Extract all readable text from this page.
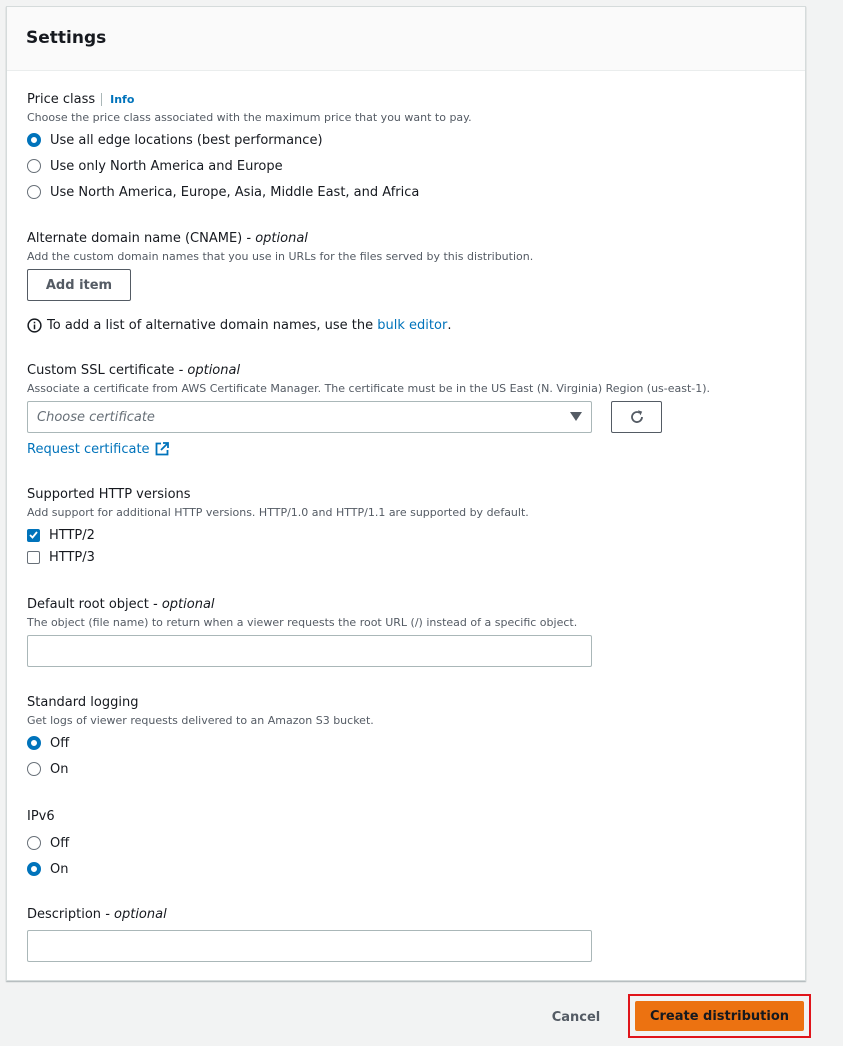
Settings
Price class Info
Choose the price class associated with the maximum price that you want to pay.
Use all edge locations (best performance)
Use only North America and Europe
Use North America, Europe, Asia, Middle East, and Africa
Alternate domain name (CNAME) - optional
Add the custom domain names that you use in URLs for the files served by this distribution.
Add item
To add a list of alternative domain names, use the
bulk editor .
Custom SSL certificate - optional
Associate a certificate from AWS Certificate Manager. The certificate must be in the US East (N. Virginia) Region (us-east-1).
Choose certificate
Request certificate
Supported HTTP versions
Add support for additional HTTP versions. HTTP/1.0 and HTTP/1.1 are supported by default.
HTTP/2
HTTP/3
Default root object - optional
The object (file name) to return when a viewer requests the root URL (/) instead of a specific object.
Standard logging
Get logs of viewer requests delivered to an Amazon S3 bucket.
Off
On
IPv6
Off
On
Description - optional
Cancel	Create distribution
